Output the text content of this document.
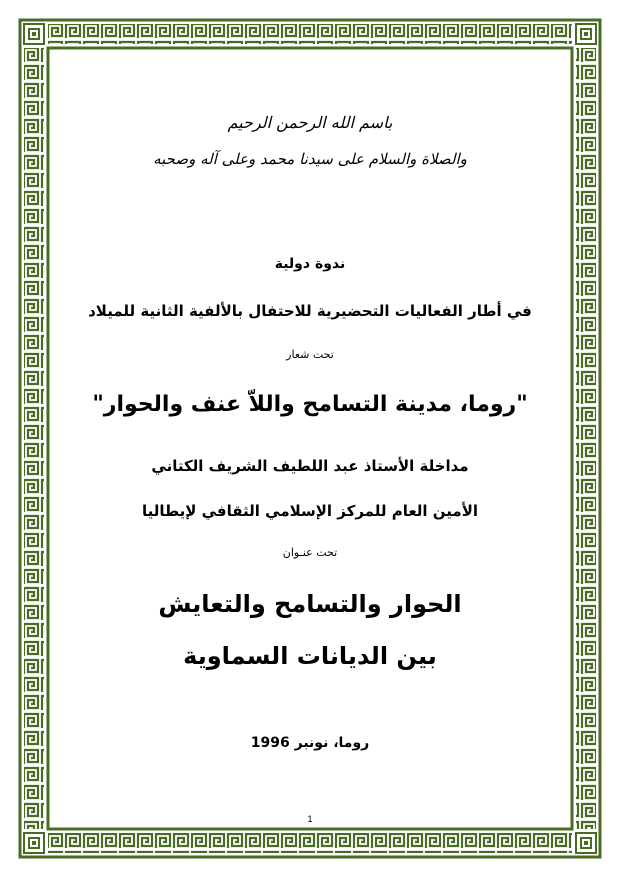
باسم الله الرحمن الرحيم
والصلاة والسلام على سيدنا محمد وعلى آله وصحبه
ندوة دولية
في أطار الفعاليات التحضيرية للاحتفال بالألفية الثانية للميلاد
تحت شعار
"روما، مدينة التسامح واللاّ عنف والحوار"
مداخلة الأستاذ عبد اللطيف الشريف الكتاني
الأمين العام للمركز الإسلامي الثقافي لإيطاليا
تحت عنـوان
الحوار والتسامح والتعايش
بين الديانات السماوية
روما، نونبر 1996
1
